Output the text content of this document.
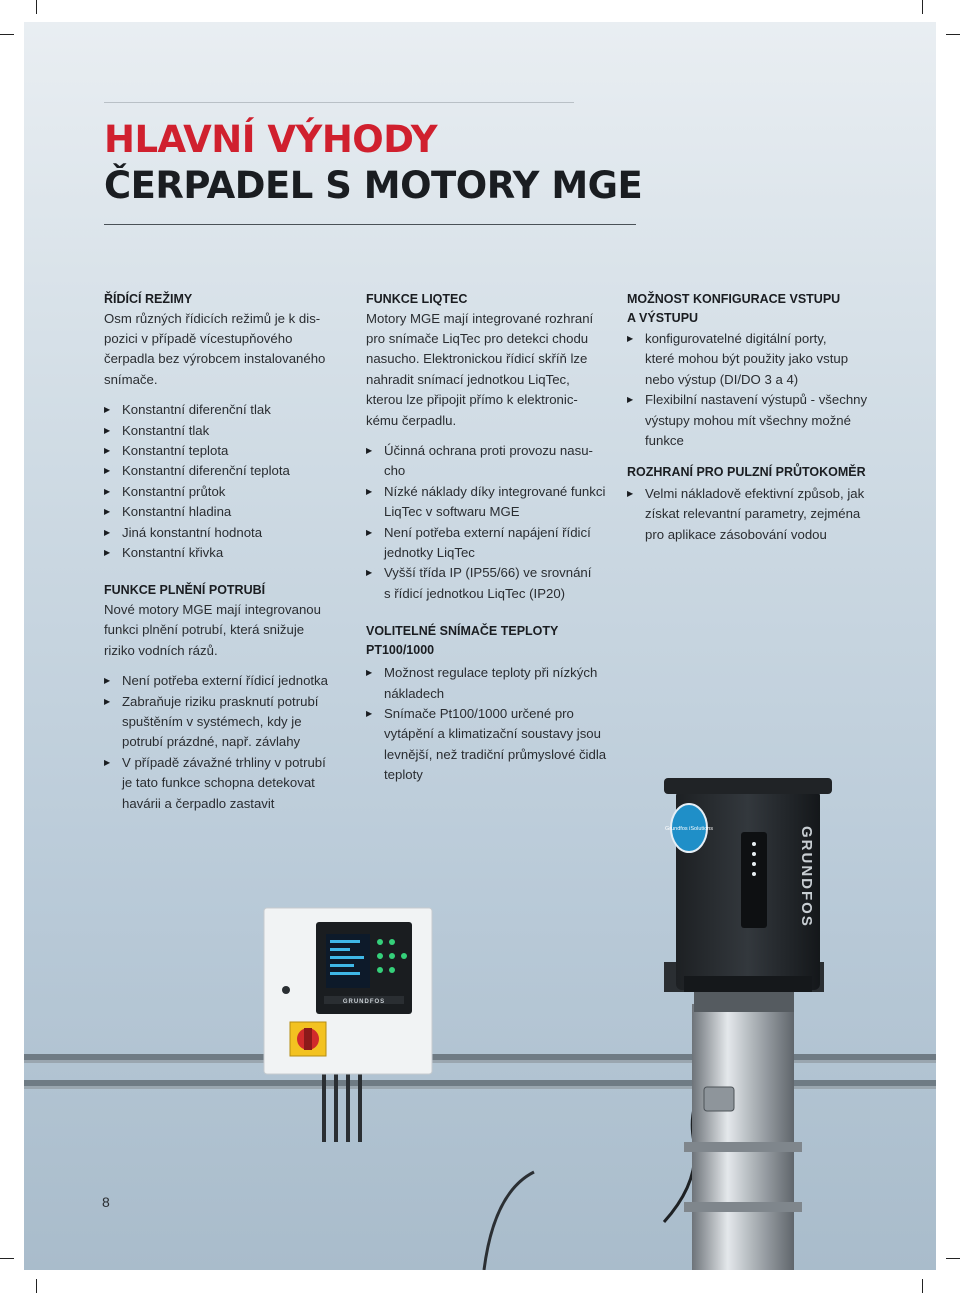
HLAVNÍ VÝHODY
ČERPADEL S MOTORY MGE
Grundfos iSolutions	GRUNDFOS
GRUNDFOS
ŘÍDÍCÍ REŽIMY

Osm různých řídicích režimů je k dis-
pozici v případě vícestupňového
čerpadla bez výrobcem instalovaného
snímače.

▶ Konstantní diferenční tlak
▶ Konstantní tlak
▶ Konstantní teplota
▶ Konstantní diferenční teplota
▶ Konstantní průtok
▶ Konstantní hladina
▶ Jiná konstantní hodnota
▶ Konstantní křivka
FUNKCE PLNĚNÍ POTRUBÍ

Nové motory MGE mají integrovanou
funkci plnění potrubí, která snižuje
riziko vodních rázů.

▶ Není potřeba externí řídicí jednotka
▶ Zabraňuje riziku prasknutí potrubí
spuštěním v systémech, kdy je
potrubí prázdné, např. závlahy
▶ V případě závažné trhliny v potrubí
je tato funkce schopna detekovat
havárii a čerpadlo zastavit
FUNKCE LIQTEC

Motory MGE mají integrované rozhraní
pro snímače LiqTec pro detekci chodu
nasucho. Elektronickou řídicí skříň lze
nahradit snímací jednotkou LiqTec,
kterou lze připojit přímo k elektronic-
kému čerpadlu.

▶ Účinná ochrana proti provozu nasu-
cho
▶ Nízké náklady díky integrované funkci
LiqTec v softwaru MGE
▶ Není potřeba externí napájení řídicí
jednotky LiqTec
▶ Vyšší třída IP (IP55/66) ve srovnání
s řídicí jednotkou LiqTec (IP20)
VOLITELNÉ SNÍMAČE TEPLOTY
PT100/1000
▶ Možnost regulace teploty při nízkých
nákladech
▶ Snímače Pt100/1000 určené pro
vytápění a klimatizační soustavy jsou
levnější, než tradiční průmyslové čidla
teploty
MOŽNOST KONFIGURACE VSTUPU
A VÝSTUPU
▶ konfigurovatelné digitální porty,
které mohou být použity jako vstup
nebo výstup (DI/DO 3 a 4)
▶ Flexibilní nastavení výstupů - všechny
výstupy mohou mít všechny možné
funkce
ROZHRANÍ PRO PULZNÍ PRŮTOKOMĚR
▶ Velmi nákladově efektivní způsob, jak
získat relevantní parametry, zejména
pro aplikace zásobování vodou
8
